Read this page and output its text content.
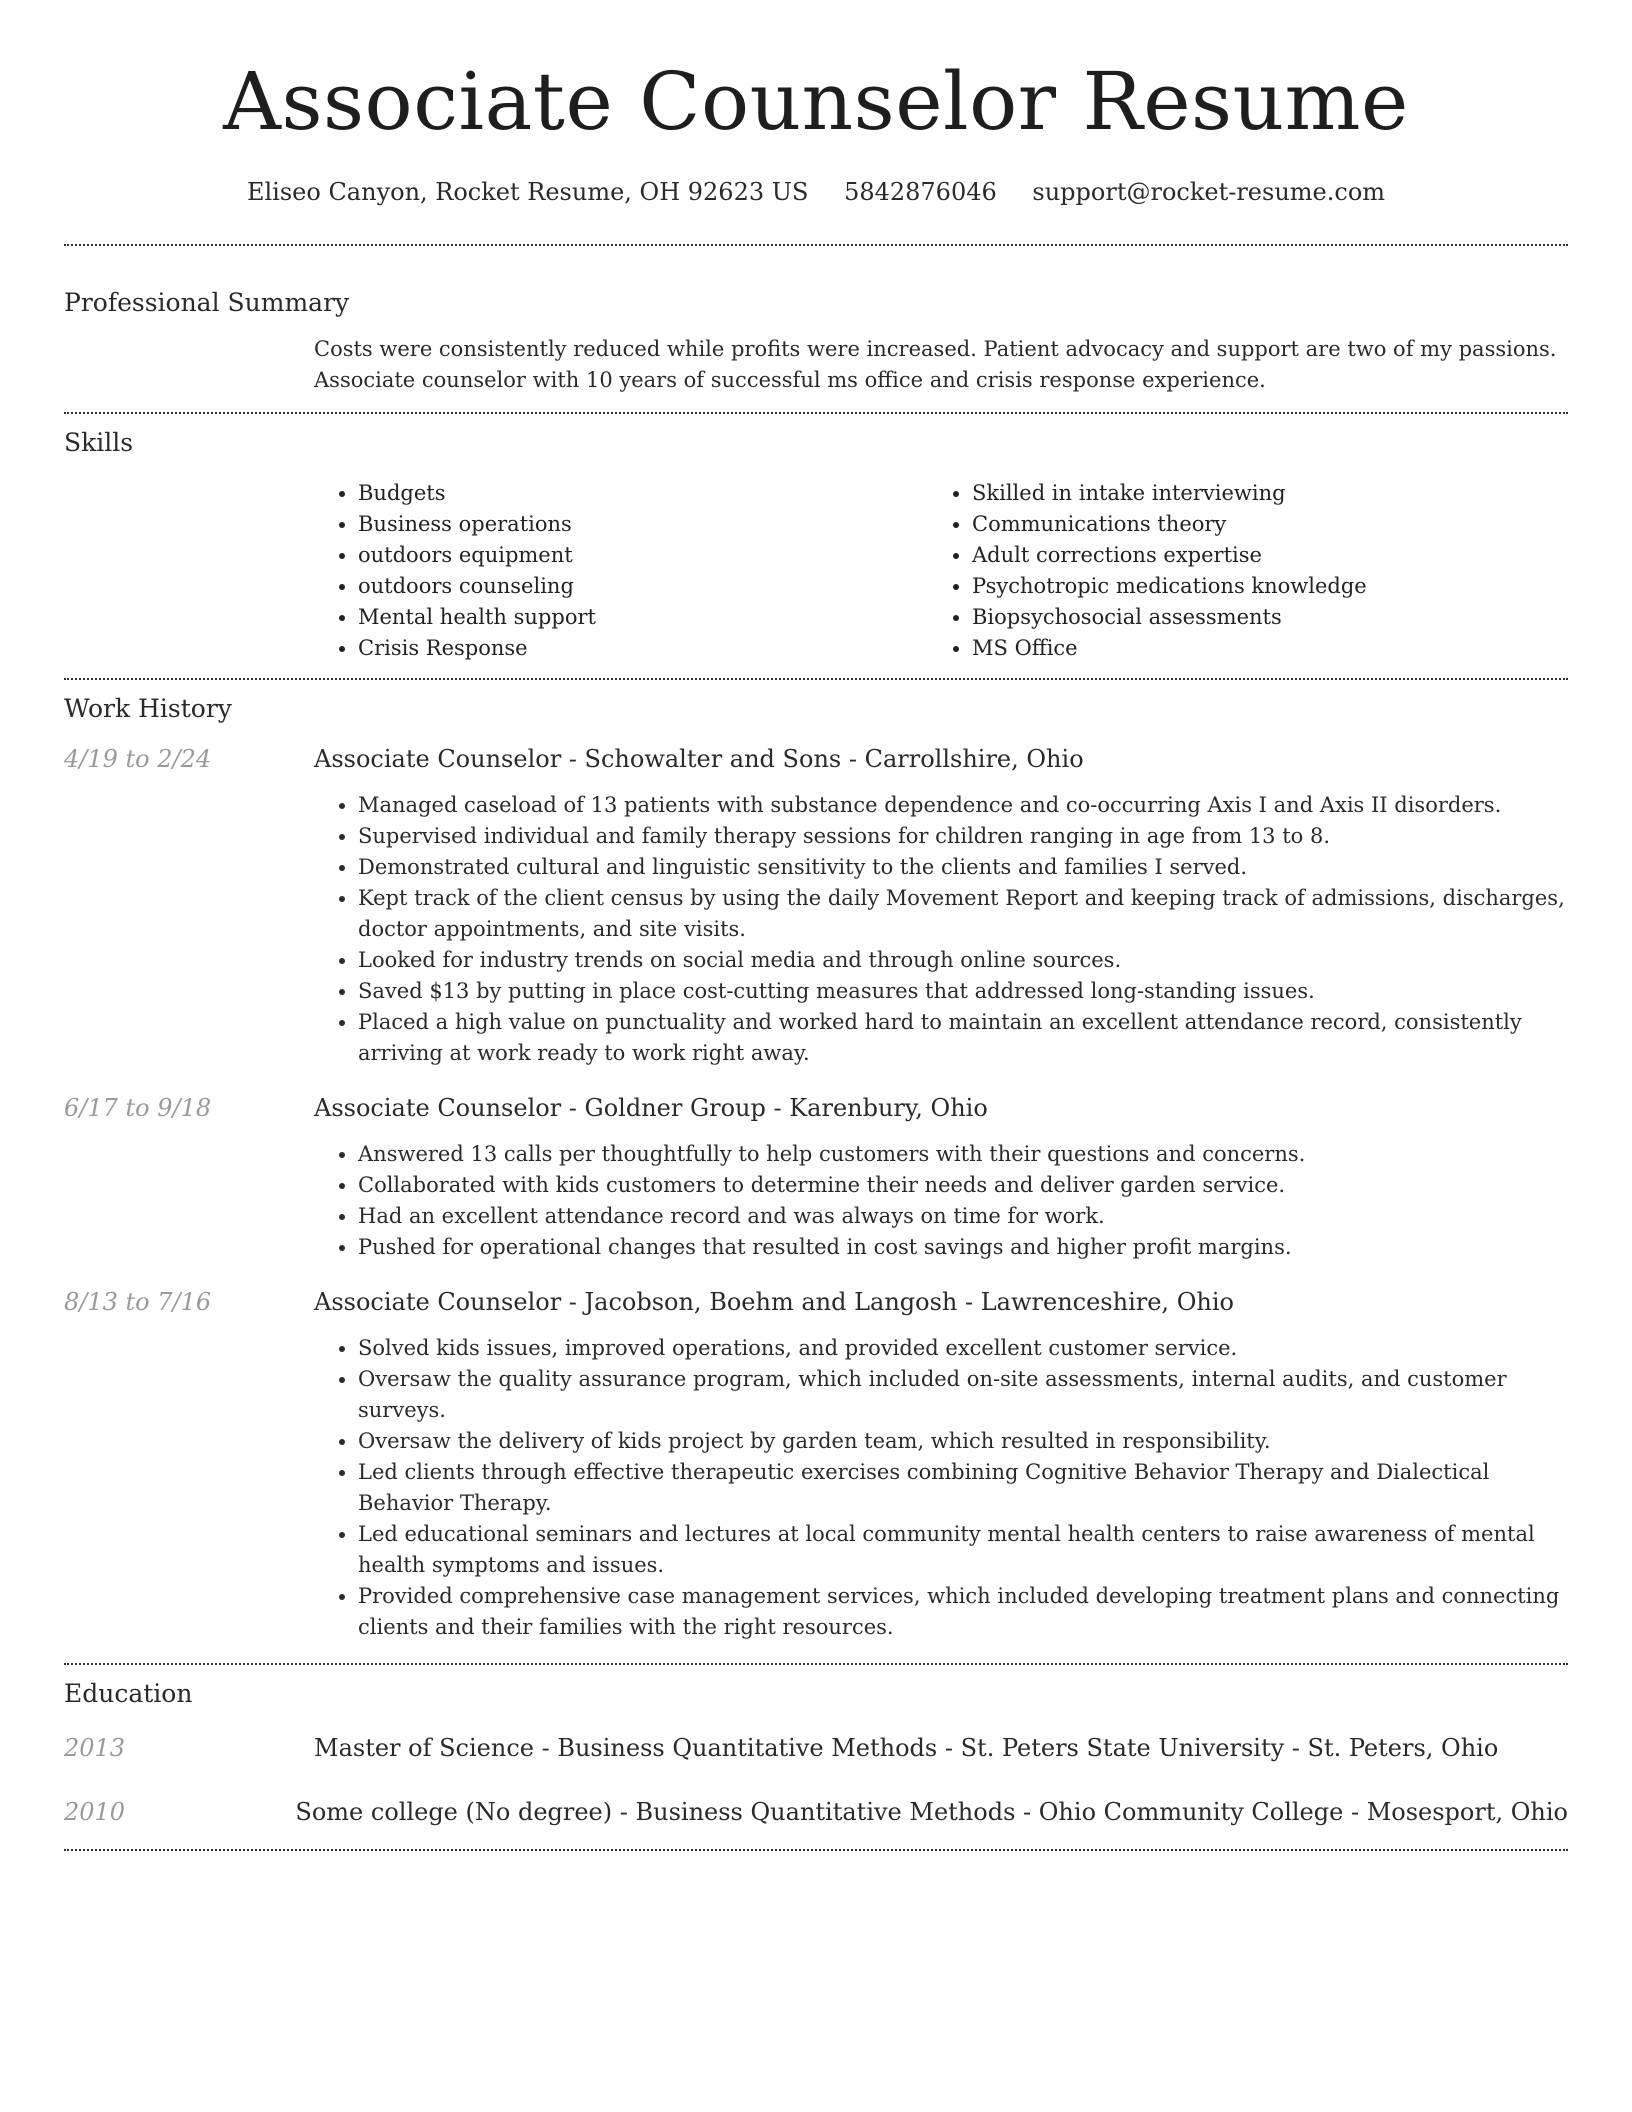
Associate Counselor Resume
Eliseo Canyon, Rocket Resume, OH 92623 US 5842876046 support@rocket-resume.com
Professional Summary
Costs were consistently reduced while profits were increased. Patient advocacy and support are two of my passions.
Associate counselor with 10 years of successful ms office and crisis response experience.
Skills
• Budgets
• Business operations
• outdoors equipment
• outdoors counseling
• Mental health support
• Crisis Response
• Skilled in intake interviewing
• Communications theory
• Adult corrections expertise
• Psychotropic medications knowledge
• Biopsychosocial assessments
• MS Office
Work History
4/19 to 2/24	Associate Counselor - Schowalter and Sons - Carrollshire, Ohio
• Managed caseload of 13 patients with substance dependence and co-occurring Axis I and Axis II disorders.
• Supervised individual and family therapy sessions for children ranging in age from 13 to 8.
• Demonstrated cultural and linguistic sensitivity to the clients and families I served.
• Kept track of the client census by using the daily Movement Report and keeping track of admissions, discharges, doctor appointments, and site visits.
• Looked for industry trends on social media and through online sources.
• Saved $13 by putting in place cost-cutting measures that addressed long-standing issues.
• Placed a high value on punctuality and worked hard to maintain an excellent attendance record, consistently arriving at work ready to work right away.
6/17 to 9/18	Associate Counselor - Goldner Group - Karenbury, Ohio
• Answered 13 calls per thoughtfully to help customers with their questions and concerns.
• Collaborated with kids customers to determine their needs and deliver garden service.
• Had an excellent attendance record and was always on time for work.
• Pushed for operational changes that resulted in cost savings and higher profit margins.
8/13 to 7/16	Associate Counselor - Jacobson, Boehm and Langosh - Lawrenceshire, Ohio
• Solved kids issues, improved operations, and provided excellent customer service.
• Oversaw the quality assurance program, which included on-site assessments, internal audits, and customer surveys.
• Oversaw the delivery of kids project by garden team, which resulted in responsibility.
• Led clients through effective therapeutic exercises combining Cognitive Behavior Therapy and Dialectical Behavior Therapy.
• Led educational seminars and lectures at local community mental health centers to raise awareness of mental health symptoms and issues.
• Provided comprehensive case management services, which included developing treatment plans and connecting clients and their families with the right resources.
Education
2013	Master of Science - Business Quantitative Methods - St. Peters State University - St. Peters, Ohio
2010	Some college (No degree) - Business Quantitative Methods - Ohio Community College - Mosesport, Ohio
